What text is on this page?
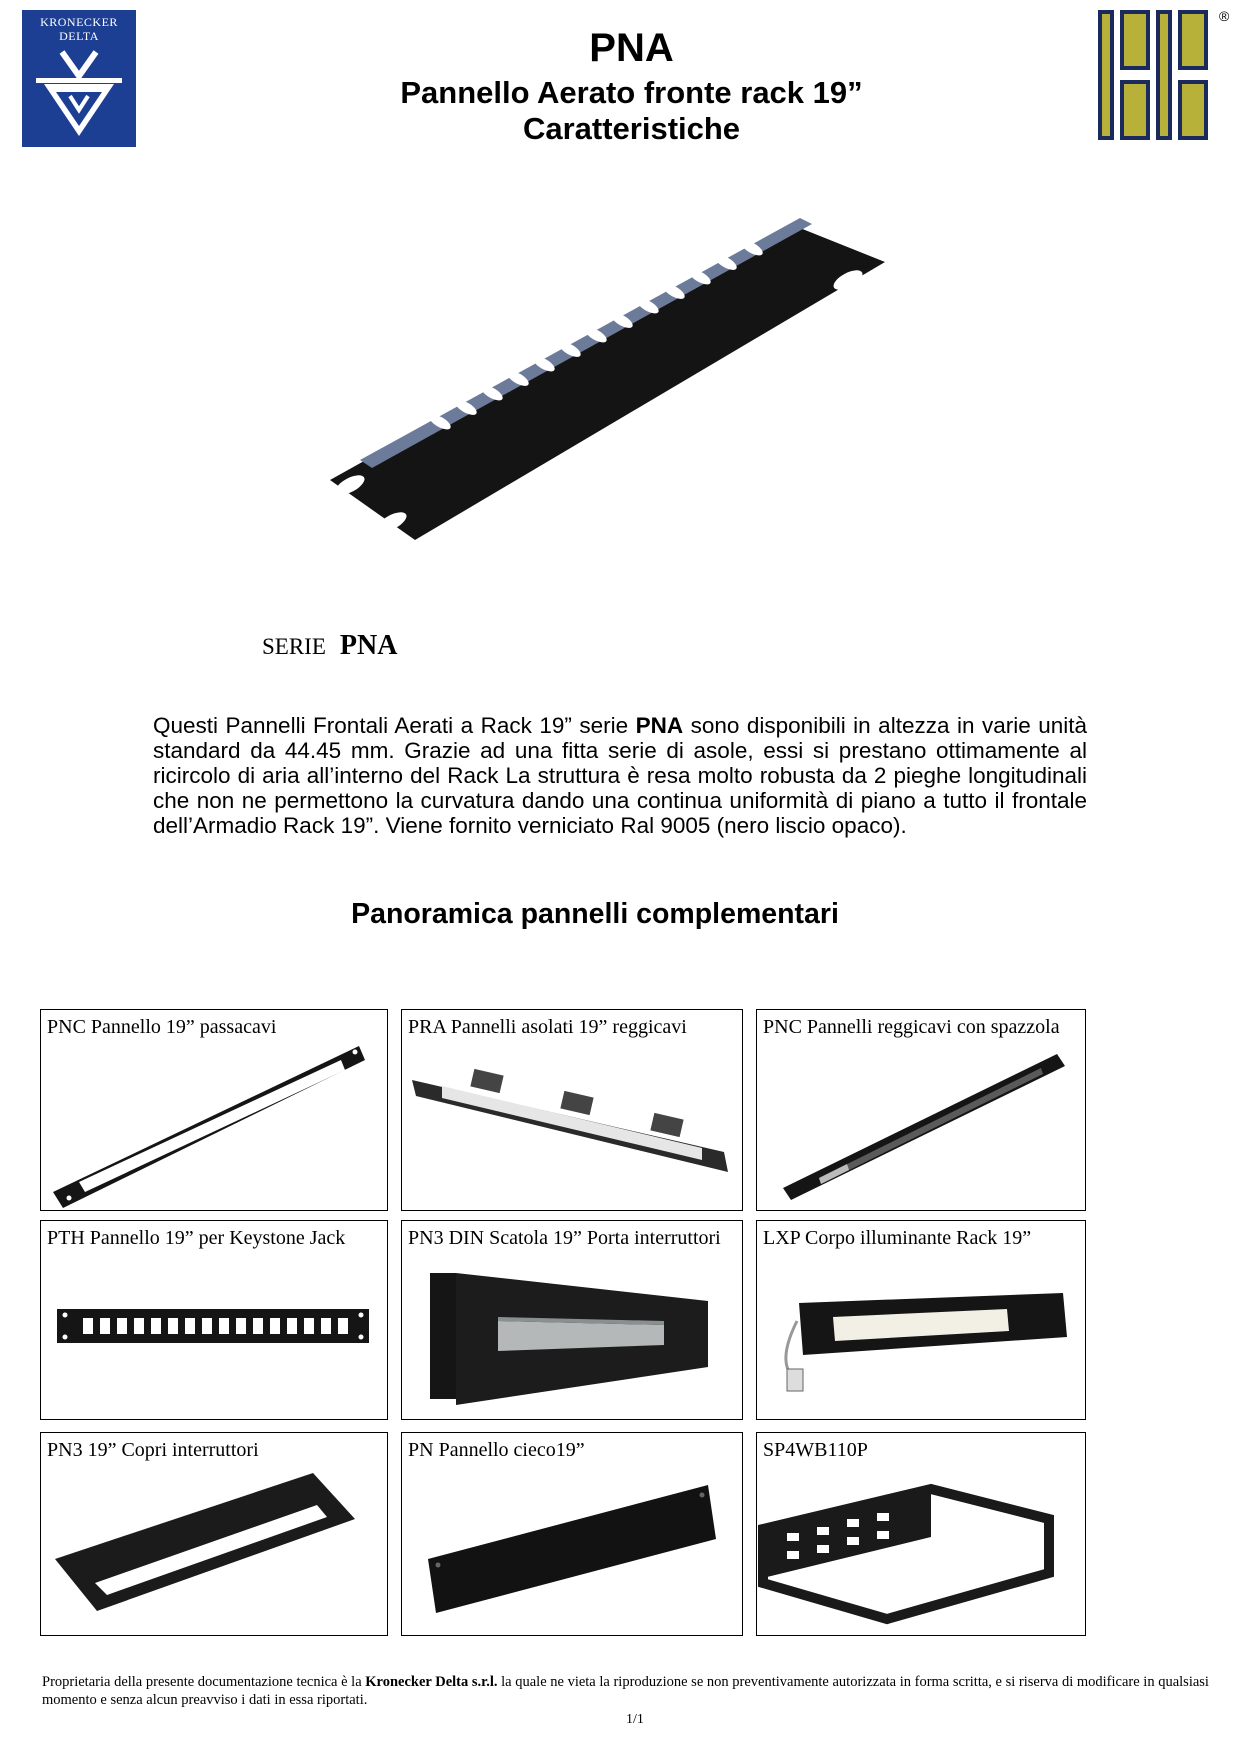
KRONECKER
DELTA	PNA
Pannello Aerato fronte rack 19”
Caratteristiche
®
SERIE PNA
Questi Pannelli Frontali Aerati a Rack 19” serie PNA sono disponibili in altezza in varie unità standard da 44.45 mm. Grazie ad una fitta serie di asole, essi si prestano ottimamente al ricircolo di aria all’interno del Rack La struttura è resa molto robusta da 2 pieghe longitudinali che non ne permettono la curvatura dando una continua uniformità di piano a tutto il frontale dell’Armadio Rack 19”. Viene fornito verniciato Ral 9005 (nero liscio opaco).
Panoramica pannelli complementari
PNC Pannello 19” passacavi	PRA Pannelli asolati 19” reggicavi	PNC Pannelli reggicavi con spazzola
PTH Pannello 19” per Keystone Jack	PN3 DIN Scatola 19” Porta interruttori LXP Corpo illuminante Rack 19”
PN3 19” Copri interruttori	PN Pannello cieco19”	SP4WB110P
Proprietaria della presente documentazione tecnica è la Kronecker Delta s.r.l. la quale ne vieta la riproduzione se non preventivamente autorizzata in forma scritta, e si riserva di modificare in qualsiasi momento e senza alcun preavviso i dati in essa riportati.
1/1
